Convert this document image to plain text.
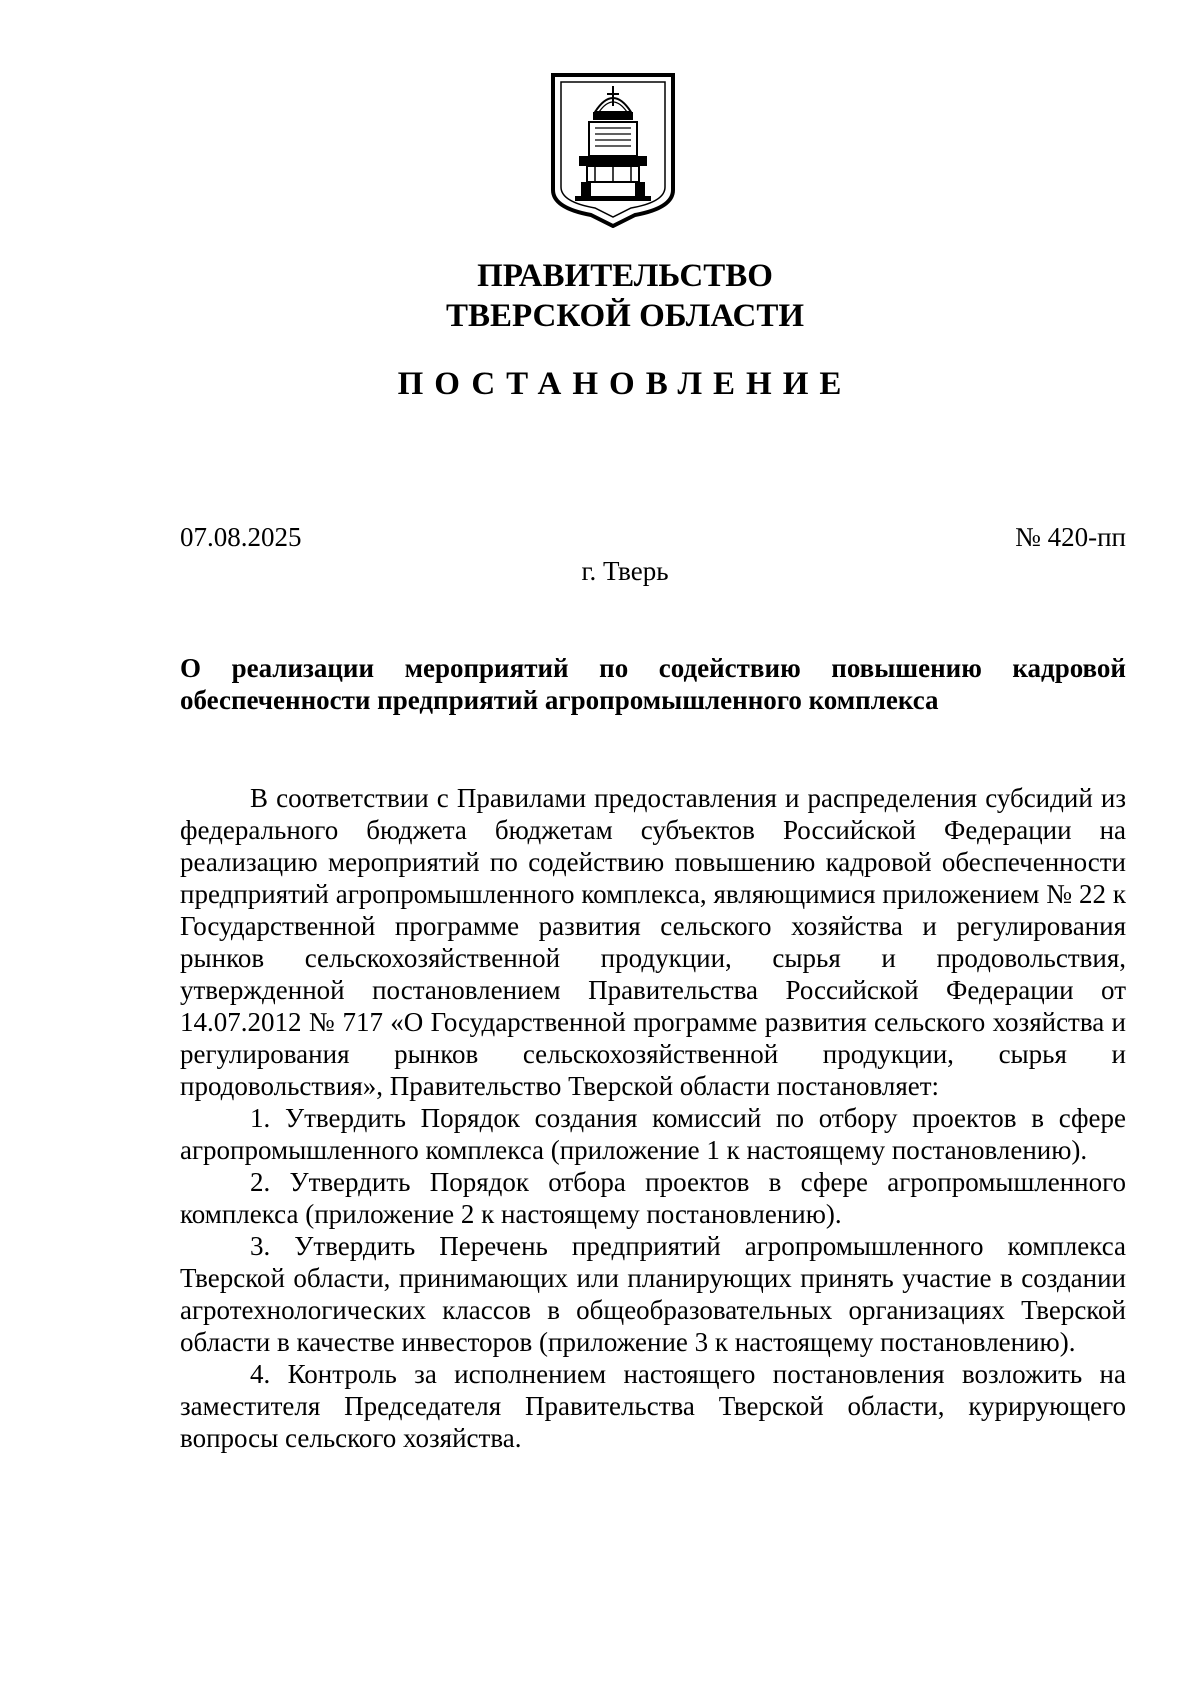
ПРАВИТЕЛЬСТВО
ТВЕРСКОЙ ОБЛАСТИ
ПОСТАНОВЛЕНИЕ
07.08.2025	№ 420-пп
г. Тверь
О реализации мероприятий по содействию повышению кадровой обеспеченности предприятий агропромышленного комплекса

В соответствии с Правилами предоставления и распределения субсидий из федерального бюджета бюджетам субъектов Российской Федерации на реализацию мероприятий по содействию повышению кадровой обеспеченности предприятий агропромышленного комплекса, являющимися приложением № 22 к Государственной программе развития сельского хозяйства и регулирования рынков сельскохозяйственной продукции, сырья и продовольствия, утвержденной постановлением Правительства Российской Федерации от 14.07.2012 № 717 «О Государственной программе развития сельского хозяйства и регулирования рынков сельскохозяйственной продукции, сырья и продовольствия», Правительство Тверской области постановляет:

1. Утвердить Порядок создания комиссий по отбору проектов в сфере агропромышленного комплекса (приложение 1 к настоящему постановлению).

2. Утвердить Порядок отбора проектов в сфере агропромышленного комплекса (приложение 2 к настоящему постановлению).

3. Утвердить Перечень предприятий агропромышленного комплекса Тверской области, принимающих или планирующих принять участие в создании агротехнологических классов в общеобразовательных организациях Тверской области в качестве инвесторов (приложение 3 к настоящему постановлению).

4. Контроль за исполнением настоящего постановления возложить на заместителя Председателя Правительства Тверской области, курирующего вопросы сельского хозяйства.
